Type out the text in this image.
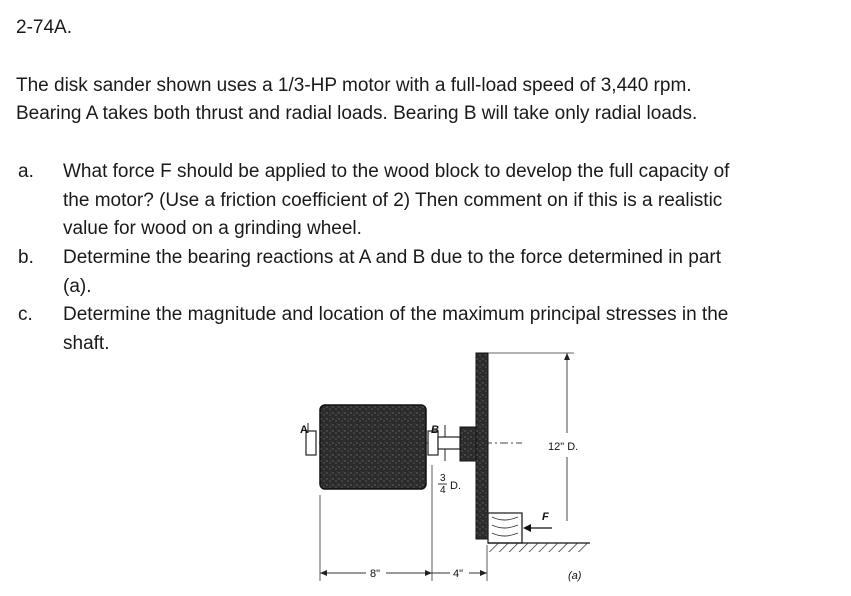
2-74A.
The disk sander shown uses a 1/3-HP motor with a full-load speed of 3,440 rpm.
Bearing A takes both thrust and radial loads. Bearing B will take only radial loads.
a. What force F should be applied to the wood block to develop the full capacity of
the motor? (Use a friction coefficient of 2) Then comment on if this is a realistic
value for wood on a grinding wheel.
b. Determine the bearing reactions at A and B due to the force determined in part
(a).
c. Determine the magnitude and location of the maximum principal stresses in the
shaft.
A	B
3
4 D.
12" D.
F
8"	4"	(a)
